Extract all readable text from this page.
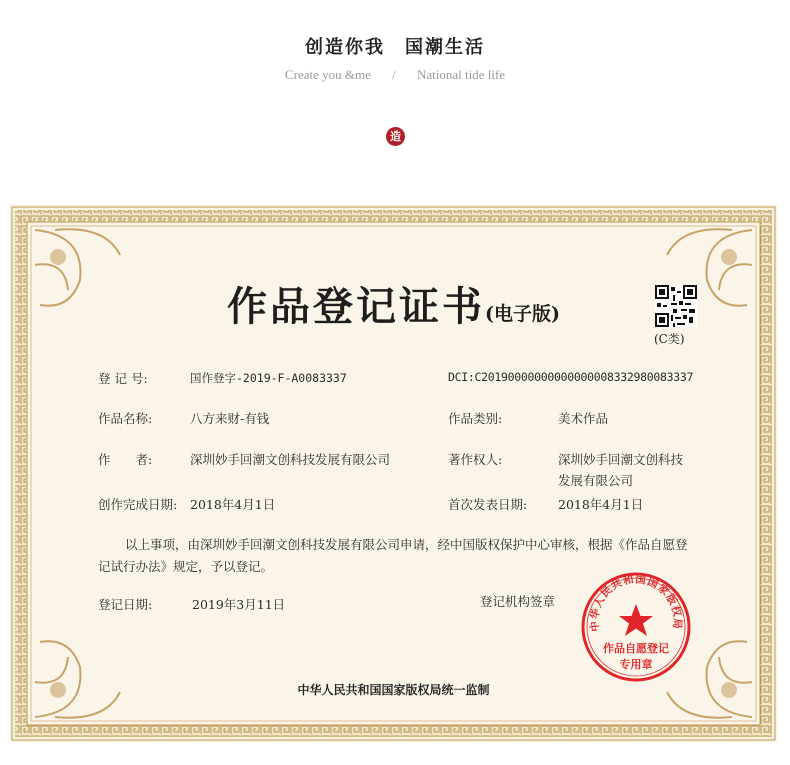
创造你我　国潮生活
Create you &me / National tide life
造
作品登记证书(电子版)
(C类)
登 记 号:	国作登字-2019-F-A0083337	DCI:C20190000000000000008332980083337
作品名称:	八方来财-有钱	作品类别:	美术作品
作　　者:	深圳妙手回潮文创科技发展有限公司	著作权人:	深圳妙手回潮文创科技
发展有限公司
创作完成日期: 2018年4月1日	首次发表日期: 2018年4月1日
以上事项，由深圳妙手回潮文创科技发展有限公司申请，经中国版权保护中心审核，根据《作品自愿登记试行办法》规定，予以登记。
登记日期:	2019年3月11日	登记机构签章
中华人民共和国国家版权局
作品自愿登记
专用章
中华人民共和国国家版权局统一监制
